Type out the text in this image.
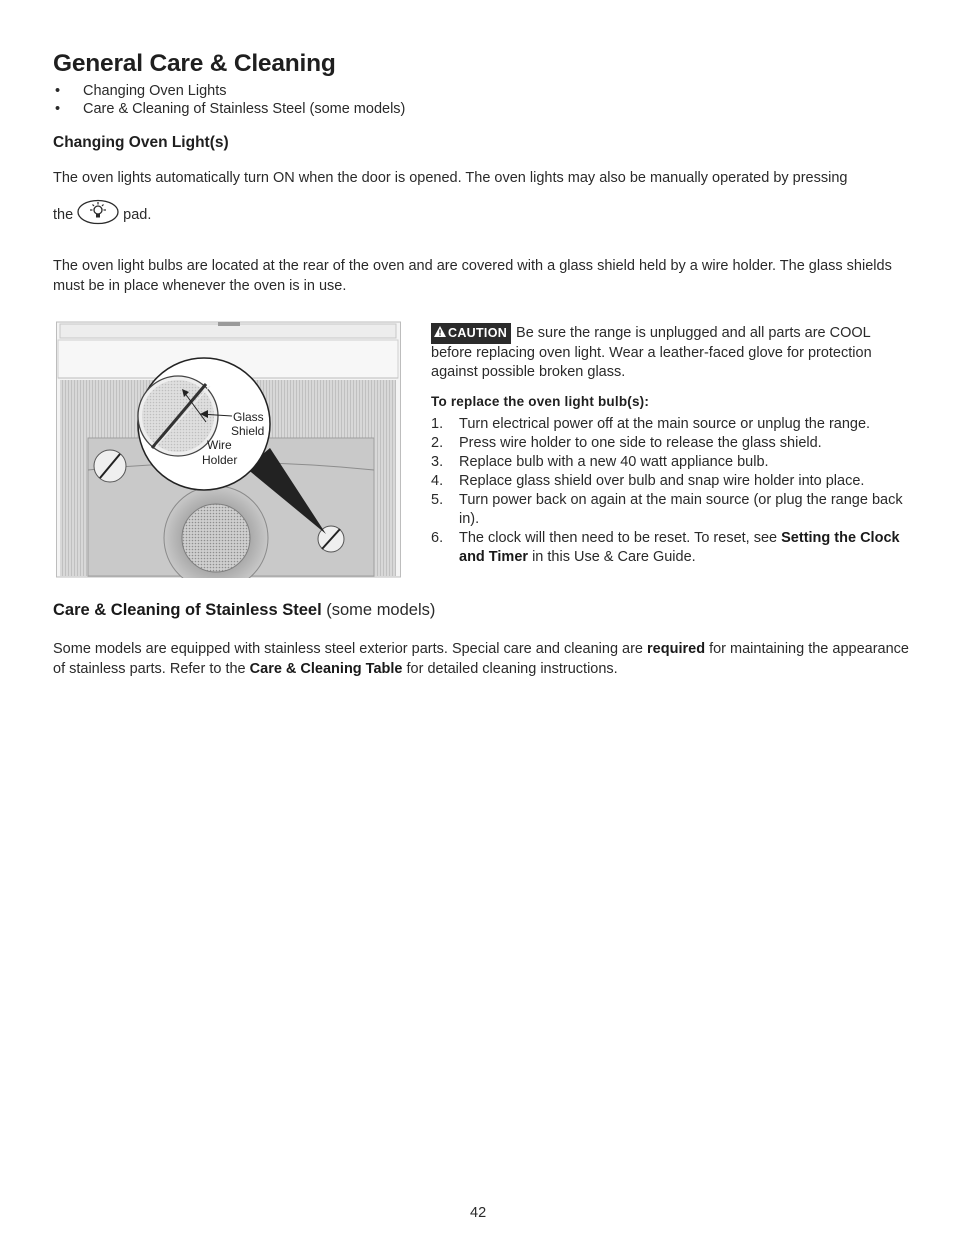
General Care & Cleaning
• Changing Oven Lights
• Care & Cleaning of Stainless Steel (some models)
Changing Oven Light(s)
The oven lights automatically turn ON when the door is opened. The oven lights may also be manually operated by pressing
the	pad.
The oven light bulbs are located at the rear of the oven and are covered with a glass shield held by a wire holder. The glass shields must be in place whenever the oven is in use.
Glass
Shield
Wire
Holder
CAUTION Be sure the range is unplugged and all parts are COOL before replacing oven light. Wear a leather-faced glove for protection against possible broken glass.
To replace the oven light bulb(s):
1.	Turn electrical power off at the main source or unplug the range.
2.	Press wire holder to one side to release the glass shield.
3.	Replace bulb with a new 40 watt appliance bulb.
4.	Replace glass shield over bulb and snap wire holder into place.
5.	Turn power back on again at the main source (or plug the range back in).
6.	The clock will then need to be reset. To reset, see Setting the Clock and Timer in this Use & Care Guide.
Care & Cleaning of Stainless Steel (some models)
Some models are equipped with stainless steel exterior parts. Special care and cleaning are required for maintaining the appearance of stainless parts. Refer to the Care & Cleaning Table for detailed cleaning instructions.
42
